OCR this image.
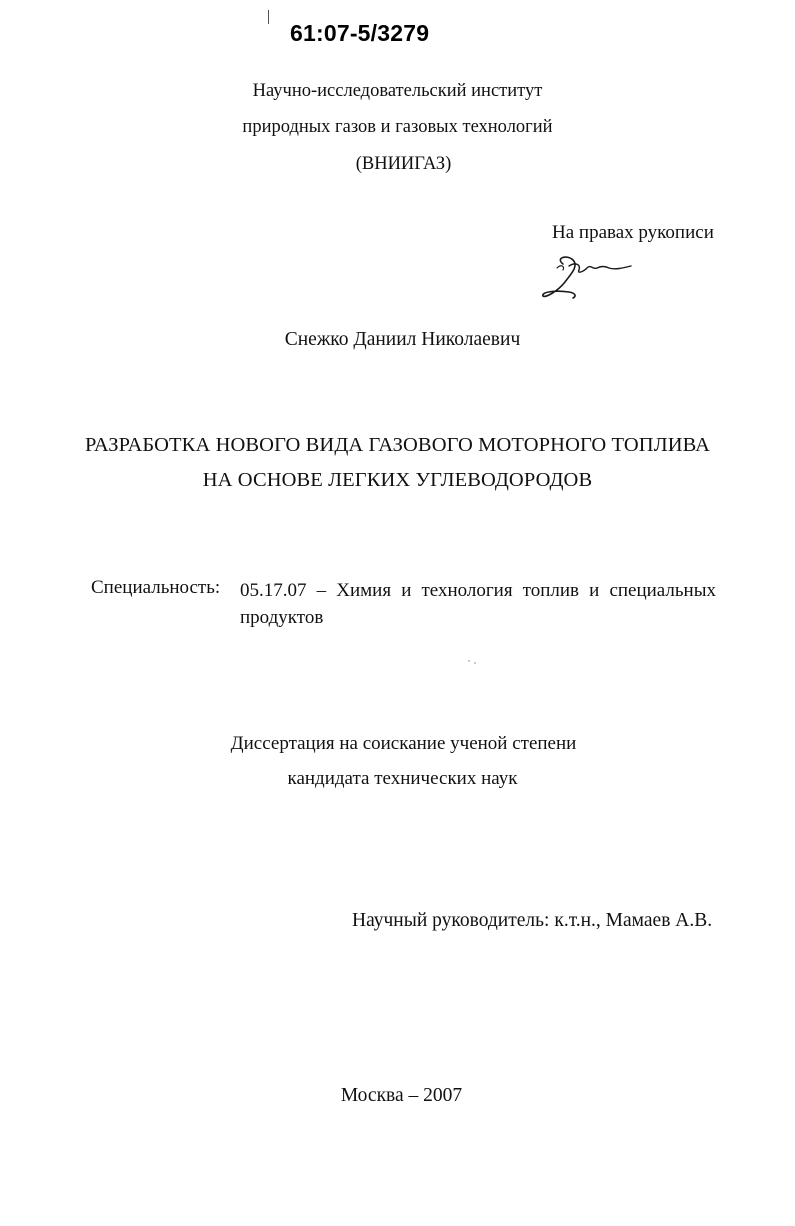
61:07-5/3279
Научно-исследовательский институт
природных газов и газовых технологий
(ВНИИГАЗ)
На правах рукописи
Снежко Даниил Николаевич
РАЗРАБОТКА НОВОГО ВИДА ГАЗОВОГО МОТОРНОГО ТОПЛИВА
НА ОСНОВЕ ЛЕГКИХ УГЛЕВОДОРОДОВ
Специальность: 05.17.07 – Химия и технология топлив и специальных продуктов
Диссертация на соискание ученой степени
кандидата технических наук
Научный руководитель: к.т.н., Мамаев А.В.
Москва – 2007
